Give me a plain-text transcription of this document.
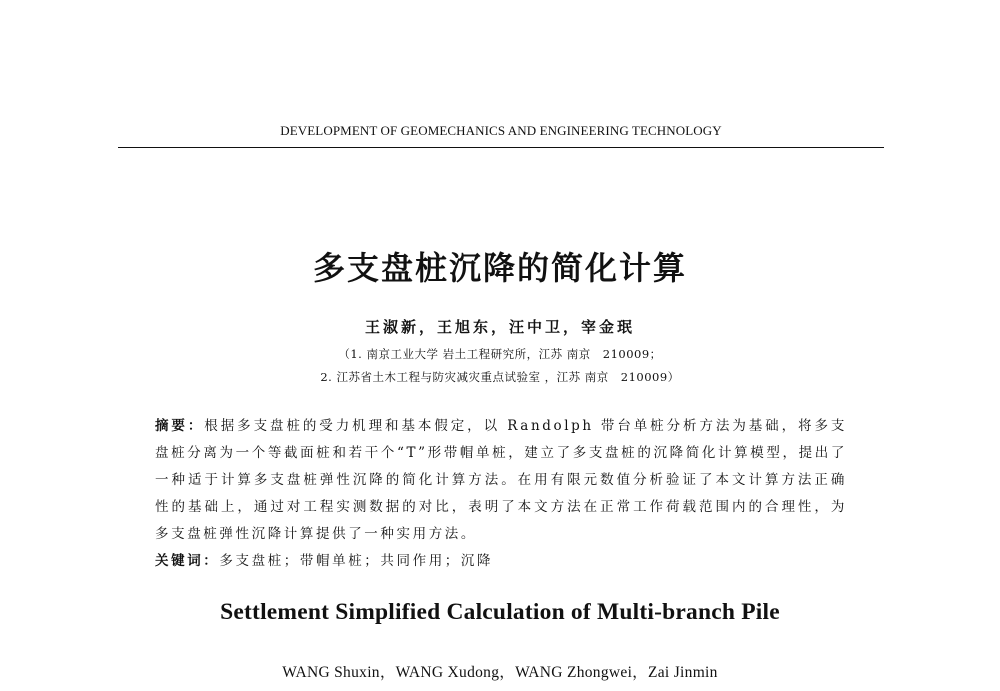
DEVELOPMENT OF GEOMECHANICS AND ENGINEERING TECHNOLOGY
多支盘桩沉降的简化计算
王淑新，王旭东，汪中卫，宰金珉
（1. 南京工业大学 岩土工程研究所，江苏 南京　210009；
2. 江苏省土木工程与防灾减灾重点试验室 ，江苏 南京　210009）
摘要：根据多支盘桩的受力机理和基本假定，以 Randolph 带台单桩分析方法为基础，将多支盘桩分离为一个等截面桩和若干个“T”形带帽单桩，建立了多支盘桩的沉降简化计算模型，提出了一种适于计算多支盘桩弹性沉降的简化计算方法。在用有限元数值分析验证了本文计算方法正确性的基础上，通过对工程实测数据的对比，表明了本文方法在正常工作荷载范围内的合理性，为多支盘桩弹性沉降计算提供了一种实用方法。
关键词：多支盘桩；带帽单桩；共同作用；沉降
Settlement Simplified Calculation of Multi-branch Pile
WANG Shuxin，WANG Xudong，WANG Zhongwei，Zai Jinmin
